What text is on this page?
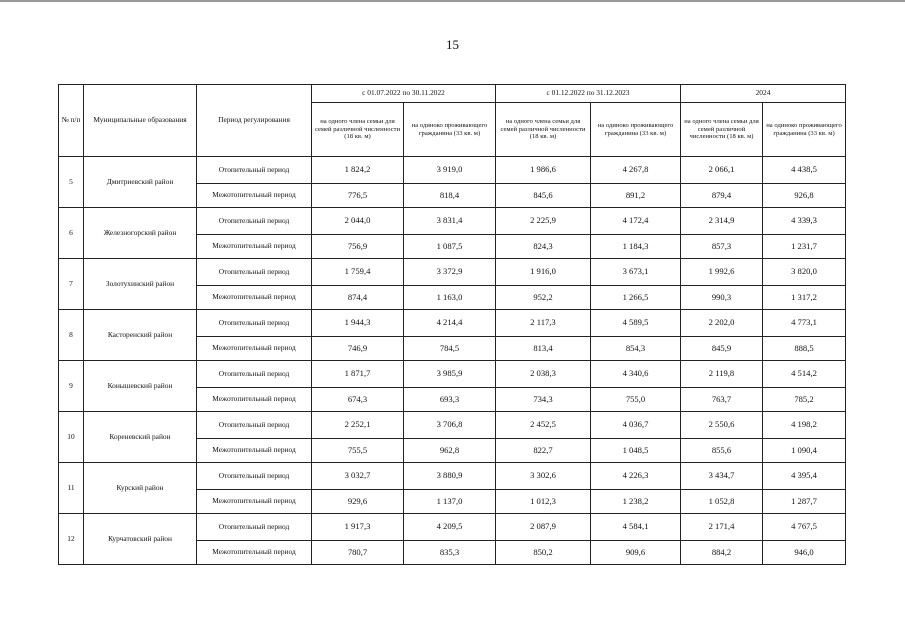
15
№ п/п	Муниципальные образования	Период регулирования	с 01.07.2022 по 30.11.2022		с 01.12.2022 по 31.12.2023		2024	
			на одного члена семьи для семей различной численности (18 кв. м)	на одиноко проживающего гражданина (33 кв. м)	на одного члена семьи для семей различной численности (18 кв. м)	на одиноко проживающего гражданина (33 кв. м)	на одного члена семьи для семей различной численности (18 кв. м)	на одиноко проживающего гражданина (33 кв. м)
5	Дмитриевский район	Отопительный период	1 824,2	3 919,0	1 986,6	4 267,8	2 066,1	4 438,5
		Межотопительный период	776,5	818,4	845,6	891,2	879,4	926,8
6	Железногорский район	Отопительный период	2 044,0	3 831,4	2 225,9	4 172,4	2 314,9	4 339,3
		Межотопительный период	756,9	1 087,5	824,3	1 184,3	857,3	1 231,7
7	Золотухинский район	Отопительный период	1 759,4	3 372,9	1 916,0	3 673,1	1 992,6	3 820,0
		Межотопительный период	874,4	1 163,0	952,2	1 266,5	990,3	1 317,2
8	Касторенский район	Отопительный период	1 944,3	4 214,4	2 117,3	4 589,5	2 202,0	4 773,1
		Межотопительный период	746,9	784,5	813,4	854,3	845,9	888,5
9	Конышевский район	Отопительный период	1 871,7	3 985,9	2 038,3	4 340,6	2 119,8	4 514,2
		Межотопительный период	674,3	693,3	734,3	755,0	763,7	785,2
10	Кореневский район	Отопительный период	2 252,1	3 706,8	2 452,5	4 036,7	2 550,6	4 198,2
		Межотопительный период	755,5	962,8	822,7	1 048,5	855,6	1 090,4
11	Курский район	Отопительный период	3 032,7	3 880,9	3 302,6	4 226,3	3 434,7	4 395,4
		Межотопительный период	929,6	1 137,0	1 012,3	1 238,2	1 052,8	1 287,7
12	Курчатовский район	Отопительный период	1 917,3	4 209,5	2 087,9	4 584,1	2 171,4	4 767,5
		Межотопительный период	780,7	835,3	850,2	909,6	884,2	946,0
